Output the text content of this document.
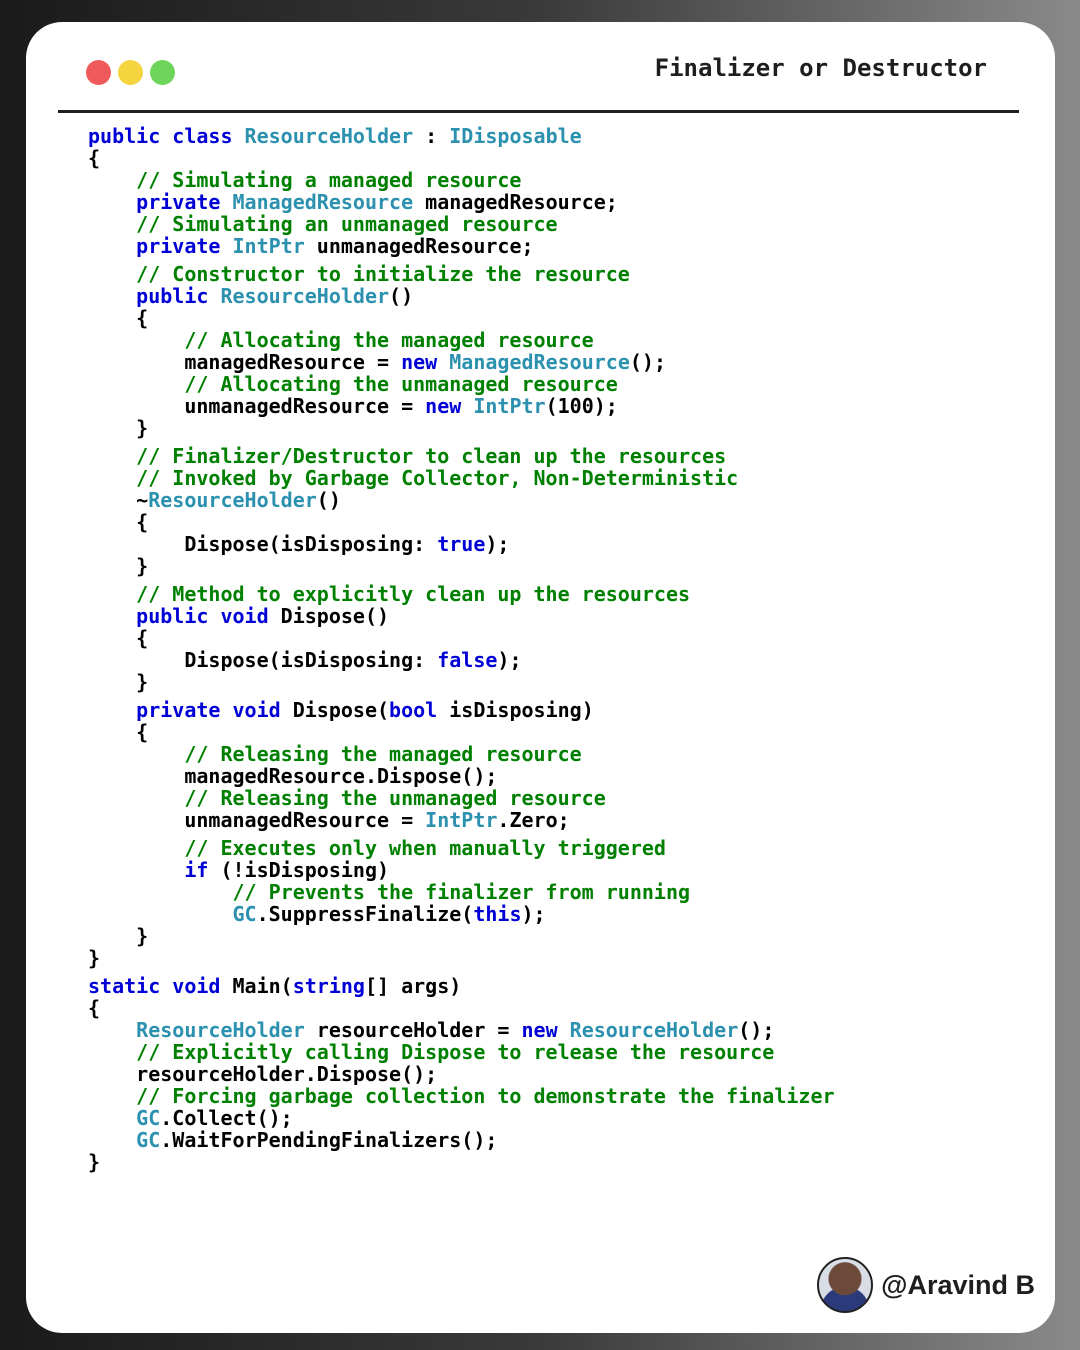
Finalizer or Destructor
public class ResourceHolder : IDisposable
{
// Simulating a managed resource
private ManagedResource managedResource;
// Simulating an unmanaged resource
private IntPtr unmanagedResource;
// Constructor to initialize the resource
public ResourceHolder()
{
// Allocating the managed resource
managedResource = new ManagedResource();
// Allocating the unmanaged resource
unmanagedResource = new IntPtr(100);
}
// Finalizer/Destructor to clean up the resources
// Invoked by Garbage Collector, Non-Deterministic
~ResourceHolder()
{
Dispose(isDisposing: true);
}
// Method to explicitly clean up the resources
public void Dispose()
{
Dispose(isDisposing: false);
}
private void Dispose(bool isDisposing)
{
// Releasing the managed resource
managedResource.Dispose();
// Releasing the unmanaged resource
unmanagedResource = IntPtr.Zero;
// Executes only when manually triggered
if (!isDisposing)
// Prevents the finalizer from running
GC.SuppressFinalize(this);
}
}
static void Main(string[] args)
{
ResourceHolder resourceHolder = new ResourceHolder();
// Explicitly calling Dispose to release the resource
resourceHolder.Dispose();
// Forcing garbage collection to demonstrate the finalizer
GC.Collect();
GC.WaitForPendingFinalizers();
}
@Aravind B
